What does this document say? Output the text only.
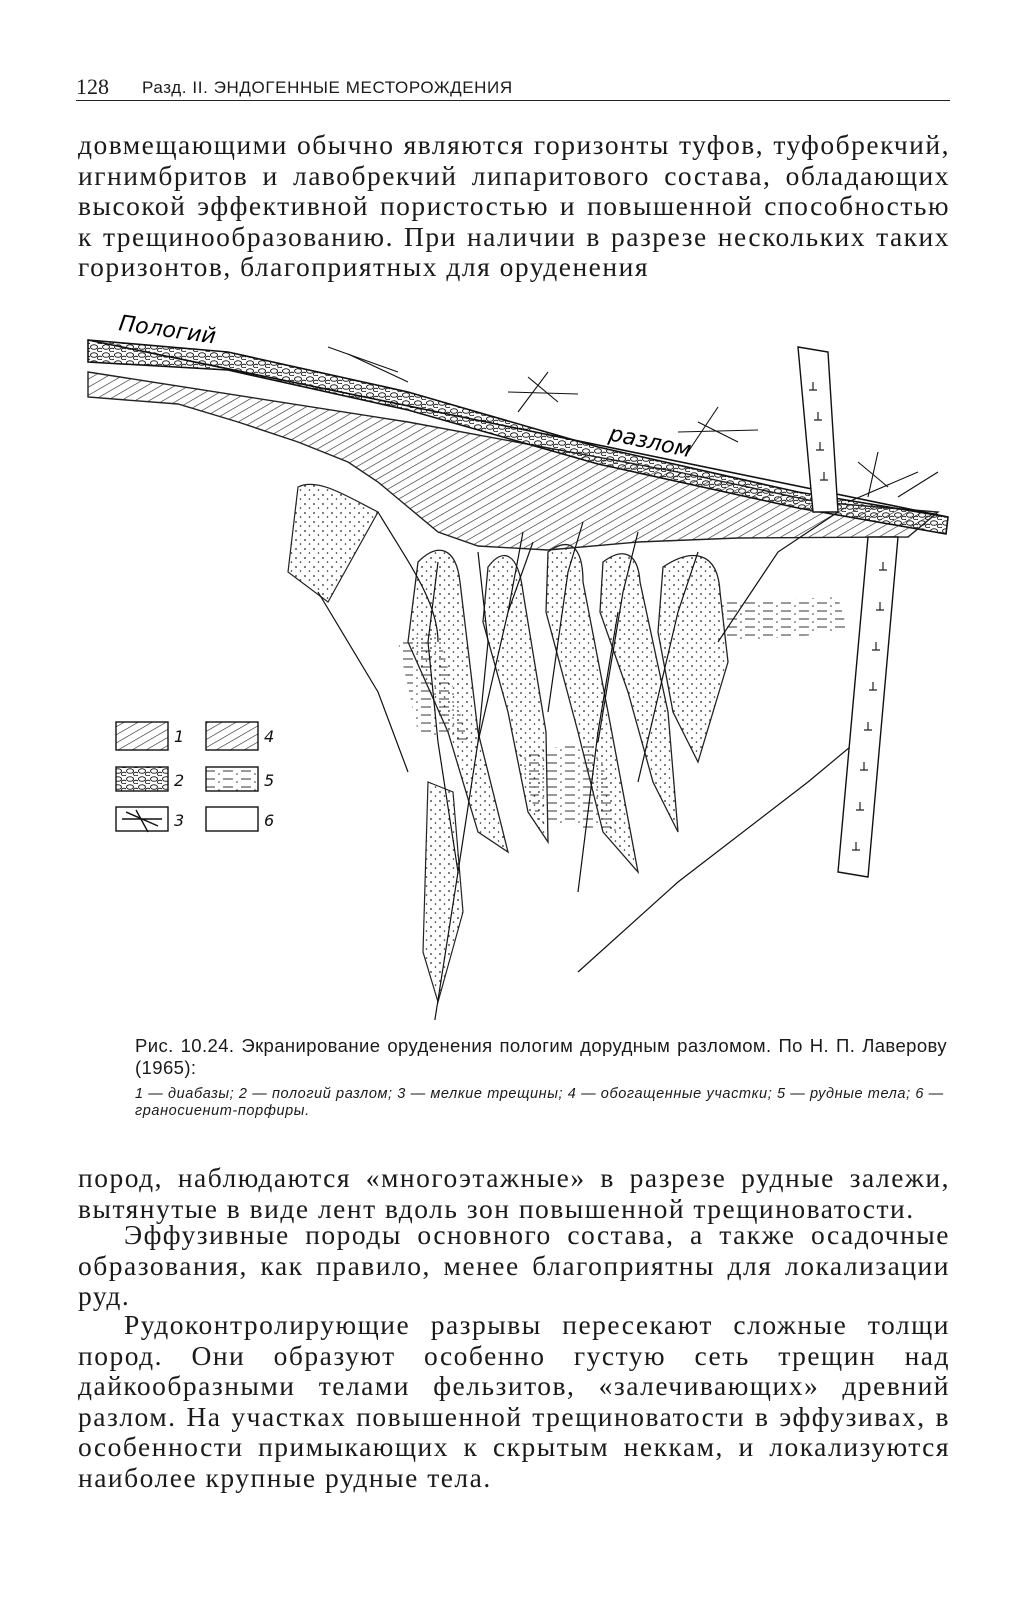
128 Разд. II. ЭНДОГЕННЫЕ МЕСТОРОЖДЕНИЯ

довмещающими обычно являются горизонты туфов, туфобрекчий, игнимбритов и лавобрекчий липаритового состава, обладающих высокой эффективной пористостью и повышенной способностью к трещинообразованию. При наличии в разрезе нескольких таких горизонтов, благоприятных для оруденения

Пологий
разлом
1
2
3
4
5
6

Рис. 10.24. Экранирование оруденения пологим дорудным разломом. По Н. П. Лаверову (1965):

1 — диабазы; 2 — пологий разлом; 3 — мелкие трещины; 4 — обогащенные участки; 5 — рудные тела; 6 — граносиенит-порфиры.

пород, наблюдаются «многоэтажные» в разрезе рудные залежи, вытянутые в виде лент вдоль зон повышенной трещиноватости.

Эффузивные породы основного состава, а также осадочные образования, как правило, менее благоприятны для локализации руд.

Рудоконтролирующие разрывы пересекают сложные толщи пород. Они образуют особенно густую сеть трещин над дайкообразными телами фельзитов, «залечивающих» древний разлом. На участках повышенной трещиноватости в эффузивах, в особенности примыкающих к скрытым неккам, и локализуются наиболее крупные рудные тела.
